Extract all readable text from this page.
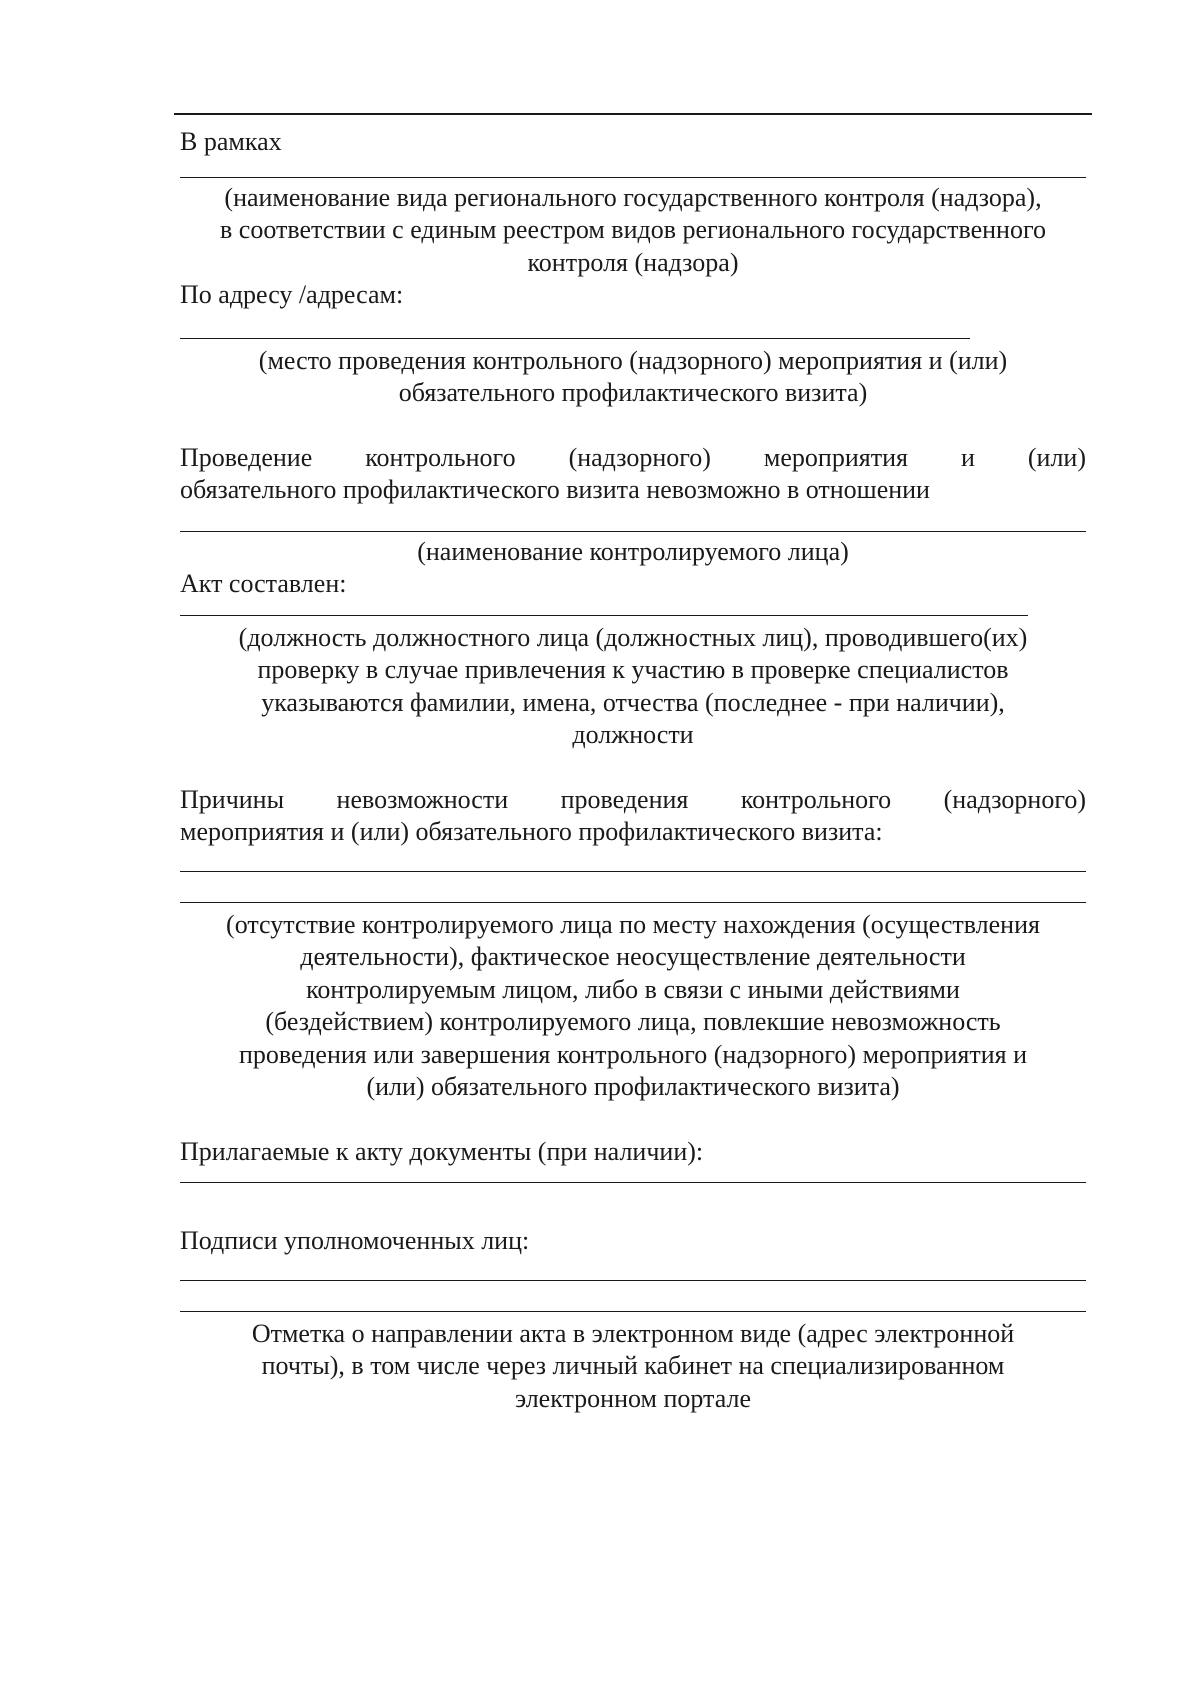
В рамках

(наименование вида регионального государственного контроля (надзора),
в соответствии с единым реестром видов регионального государственного
контроля (надзора)

По адресу /адресам:

(место проведения контрольного (надзорного) мероприятия и (или)
обязательного профилактического визита)

Проведение контрольного (надзорного) мероприятия и (или)

обязательного профилактического визита невозможно в отношении

(наименование контролируемого лица)

Акт составлен:

(должность должностного лица (должностных лиц), проводившего(их)
проверку в случае привлечения к участию в проверке специалистов
указываются фамилии, имена, отчества (последнее - при наличии),
должности

Причины невозможности проведения контрольного (надзорного)

мероприятия и (или) обязательного профилактического визита:

(отсутствие контролируемого лица по месту нахождения (осуществления
деятельности), фактическое неосуществление деятельности
контролируемым лицом, либо в связи с иными действиями
(бездействием) контролируемого лица, повлекшие невозможность
проведения или завершения контрольного (надзорного) мероприятия и
(или) обязательного профилактического визита)

Прилагаемые к акту документы (при наличии):

Подписи уполномоченных лиц:

Отметка о направлении акта в электронном виде (адрес электронной
почты), в том числе через личный кабинет на специализированном
электронном портале
